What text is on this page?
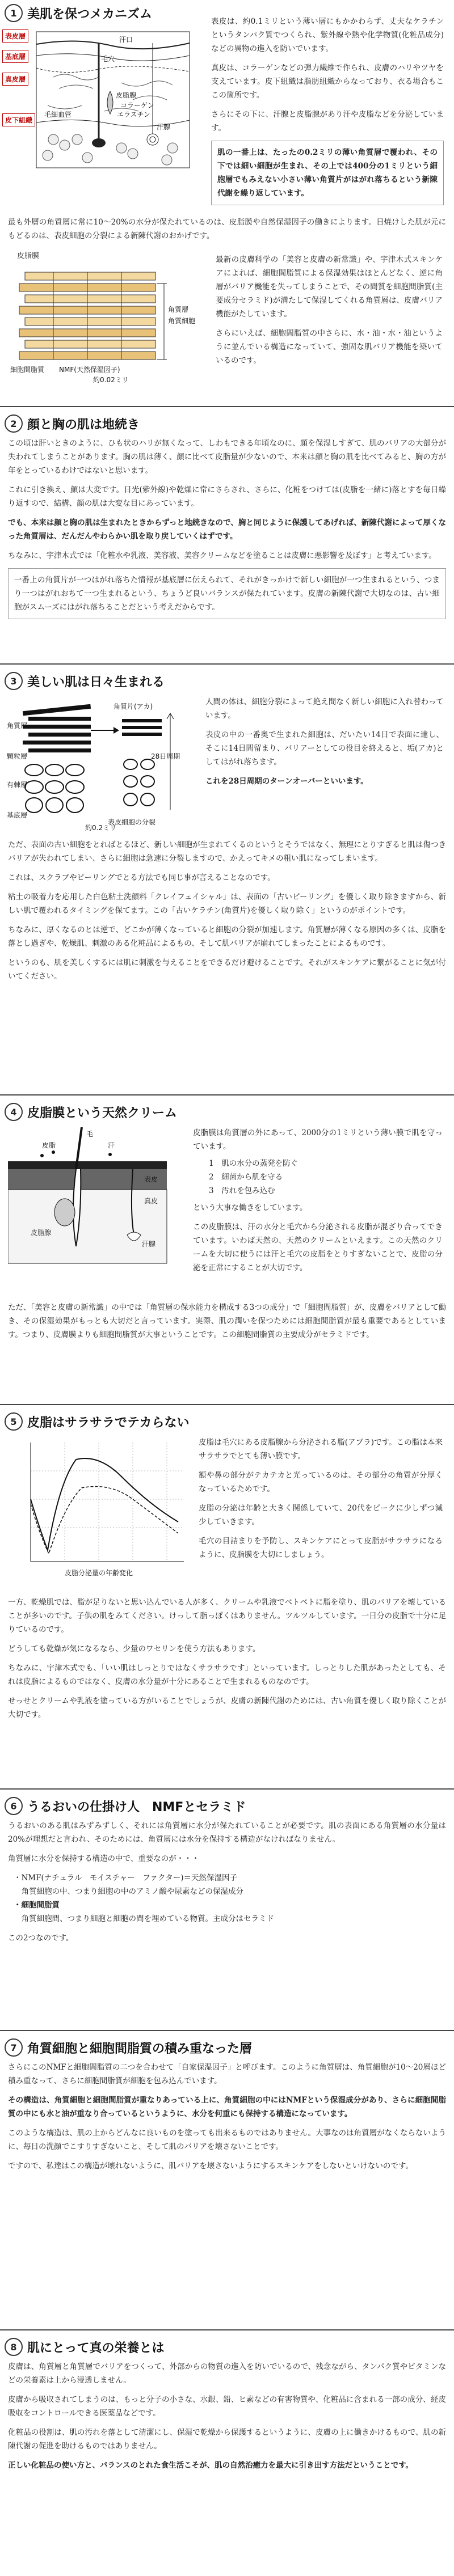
1 美肌を保つメカニズム
表皮層
基底層
真皮層
皮下組織
汗口
毛穴
汗腺
皮脂腺
毛細血管
コラーゲン
エラスチン
表皮は、約0.1ミリという薄い層にもかかわらず、丈夫なケラチンというタンパク質でつくられ、紫外線や熱や化学物質(化粧品成分)などの異物の進入を防いでいます。
真皮は、コラーゲンなどの弾力繊維で作られ、皮膚のハリやツヤを支えています。皮下組織は脂肪組織からなっており、衣る場合もここの箇所です。
さらにその下に、汗腺と皮脂腺があり汗や皮脂などを分泌しています。
肌の一番上は、たったの0.2ミリの薄い角質層で覆われ、その下では細い細胞が生まれ、その上では400分の1ミリという細胞層でもみえない小さい薄い角質片がはがれ落ちるという新陳代謝を繰り返しています。
最も外層の角質層に常に10〜20%の水分が保たれているのは、皮脂膜や自然保湿因子の働きによります。日焼けした肌が元にもどるのは、表皮細胞の分裂による新陳代謝のおかげです。
皮脂膜
角質層
角質細胞
NMF(天然保湿因子)
約0.02ミリ
細胞間脂質
最新の皮膚科学の「美容と皮膚の新常識」や、宇津木式スキンケアによれば、細胞間脂質による保湿効果はほとんどなく、逆に角層がバリア機能を失ってしまうことで、その間質を細胞間脂質(主要成分セラミド)が満たして保湿してくれる角質層は、皮膚バリア機能がたしています。
さらにいえば、細胞間脂質の中さらに、水・油・水・油というように並んでいる構造になっていて、強固な肌バリア機能を築いているのです。
2 顔と胸の肌は地続き
この頃は肝いときのように、ひも状のハリが無くなって、しわもできる年頃なのに、顔を保湿しすぎて、肌のバリアの大部分が失われてしまうことがあります。胸の肌は薄く、顔に比べて皮脂量が少ないので、本来は顔と胸の肌を比べてみると、胸の方が年をとっているわけではないと思います。
これに引き換え、顔は大変です。日光(紫外線)や乾燥に常にさらされ、さらに、化粧をつけては(皮脂を一緒に)落とすを毎日繰り返すので、結構、顔の肌は大変な目にあっています。
でも、本来は顔と胸の肌は生まれたときからずっと地続きなので、胸と同じように保護してあげれば、新陳代謝によって厚くなった角質層は、だんだんやわらかい肌を取り戻していくはずです。
ちなみに、宇津木式では「化粧水や乳液、美容液、美容クリームなどを塗ることは皮膚に悪影響を及ぼす」と考えています。
一番上の角質片が一つはがれ落ちた情報が基底層に伝えられて、それがきっかけで新しい細胞が一つ生まれるという、つまり一つはがれおちて一つ生まれるという、ちょうど良いバランスが保たれています。皮膚の新陳代謝で大切なのは、古い細胞がスムーズにはがれ落ちることだという考えだからです。
3 美しい肌は日々生まれる
角質片(アカ)
角質層
顆粒層
有棘層
基底層
28日周期
表皮細胞の分裂
約0.2ミリ
人間の体は、細胞分裂によって絶え間なく新しい細胞に入れ替わっています。
表皮の中の一番奥で生まれた細胞は、だいたい14日で表面に達し、そこに14日間留まり、バリアーとしての役目を終えると、垢(アカ)としてはがれ落ちます。
これを28日周期のターンオーバーといいます。
ただ、表面の古い細胞をとればとるほど、新しい細胞が生まれてくるのというとそうではなく、無理にとりすぎると肌は傷つきバリアが失われてしまい、さらに細胞は急速に分裂しますので、かえってキメの粗い肌になってしまいます。
これは、スクラブやピーリングでとる方法でも同じ事が言えることなのです。
粘土の吸着力を応用した白色粘土洗顔料「クレイフェイシャル」は、表面の「古いピーリング」を優しく取り除きますから、新しい肌で覆われるタイミングを保てます。この「古いケラチン(角質片)を優しく取り除く」というのがポイントです。
ちなみに、厚くなるのとは逆で、どこかが薄くなっていると細胞の分裂が加速します。角質層が薄くなる原因の多くは、皮脂を落とし過ぎや、乾燥肌、刺激のある化粧品によるもの、そして肌バリアが崩れてしまったことによるものです。
というのも、肌を美しくするには肌に刺激を与えることをできるだけ避けることです。それがスキンケアに繋がることに気が付いてください。
4 皮脂膜という天然クリーム
皮脂	汗
毛
皮脂腺
汗腺
表皮
真皮
皮脂膜は角質層の外にあって、2000分の1ミリという薄い膜で肌を守っています。
1　肌の水分の蒸発を防ぐ
2　細菌から肌を守る
3　汚れを包み込む
という大事な働きをしています。
この皮脂膜は、汗の水分と毛穴から分泌される皮脂が混ざり合ってできています。いわば天然の、天然のクリームといえます。この天然のクリームを大切に使うには汗と毛穴の皮脂をとりすぎないことで、皮脂の分泌を正常にすることが大切です。
ただ、「美容と皮膚の新常識」の中では「角質層の保水能力を構成する3つの成分」で「細胞間脂質」が、皮膚をバリアとして働き、その保湿効果がもっとも大切だと言っています。実際、肌の潤いを保つためには細胞間脂質が最も重要であるとしています。つまり、皮膚膜よりも細胞間脂質が大事ということです。この細胞間脂質の主要成分がセラミドです。
5 皮脂はサラサラでテカらない
皮脂分泌量の年齢変化
皮脂は毛穴にある皮脂腺から分泌される脂(アブラ)です。この脂は本来サラサラでとても薄い膜です。
額や鼻の部分がテカテカと光っているのは、その部分の角質が分厚くなっているためです。
皮脂の分泌は年齢と大きく関係していて、20代をピークに少しずつ減少していきます。
毛穴の目詰まりを予防し、スキンケアにとって皮脂がサラサラになるように、皮脂膜を大切にしましょう。
一方、乾燥肌では、脂が足りないと思い込んでいる人が多く、クリームや乳液でベトベトに脂を塗り、肌のバリアを壊していることが多いのです。子供の肌をみてください。けっして脂っぽくはありません。ツルツルしています。一日分の皮脂で十分に足りているのです。
どうしても乾燥が気になるなら、少量のワセリンを使う方法もあります。
ちなみに、宇津木式でも、「いい肌はしっとりではなくサラサラです」といっています。しっとりした肌があったとしても、それは皮脂によるものではなく、皮膚の水分量が十分にあることで生まれるものなのです。
せっせとクリームや乳液を塗っている方がいることでしょうが、皮膚の新陳代謝のためには、古い角質を優しく取り除くことが大切です。
6 うるおいの仕掛け人　NMFとセラミド
うるおいのある肌はみずみずしく、それには角質層に水分が保たれていることが必要です。肌の表面にある角質層の水分量は20%が理想だと言われ、そのためには、角質層には水分を保持する構造がなければなりません。
角質層に水分を保持する構造の中で、重要なのが・・・
・NMF(ナチュラル　モイスチャー　ファクター)＝天然保湿因子
　角質細胞の中、つまり細胞の中のアミノ酸や尿素などの保湿成分
・細胞間脂質
　角質細胞間、つまり細胞と細胞の間を埋めている物質。主成分はセラミド
この2つなのです。
7 角質細胞と細胞間脂質の積み重なった層
さらにこのNMFと細胞間脂質の二つを合わせて「自家保湿因子」と呼びます。このように角質層は、角質細胞が10〜20層ほど積み重なって、さらに細胞間脂質が細胞を包み込んでいます。
その構造は、角質細胞と細胞間脂質が重なりあっている上に、角質細胞の中にはNMFという保湿成分があり、さらに細胞間脂質の中にも水と油が重なり合っているというように、水分を何重にも保持する構造になっています。
このような構造は、肌の上からどんなに良いものを塗っても出来るものではありません。大事なのは角質層がなくならないように、毎日の洗顔でこすりすぎないこと、そして肌のバリアを壊さないことです。
ですので、私達はこの構造が壊れないように、肌バリアを壊さないようにするスキンケアをしないといけないのです。
8 肌にとって真の栄養とは
皮膚は、角質層と角質層でバリアをつくって、外部からの物質の進入を防いでいるので、残念ながら、タンパク質やビタミンなどの栄養素は上から浸透しません。
皮膚から吸収されてしまうのは、もっと分子の小さな、水銀、鉛、ヒ素などの有害物質や、化粧品に含まれる一部の成分、経皮吸収をコントロールできる医薬品などです。
化粧品の役割は、肌の汚れを落として清潔にし、保湿で乾燥から保護するというように、皮膚の上に働きかけるもので、肌の新陳代謝の促進を助けるものではありません。
正しい化粧品の使い方と、バランスのとれた食生活こそが、肌の自然治癒力を最大に引き出す方法だということです。
